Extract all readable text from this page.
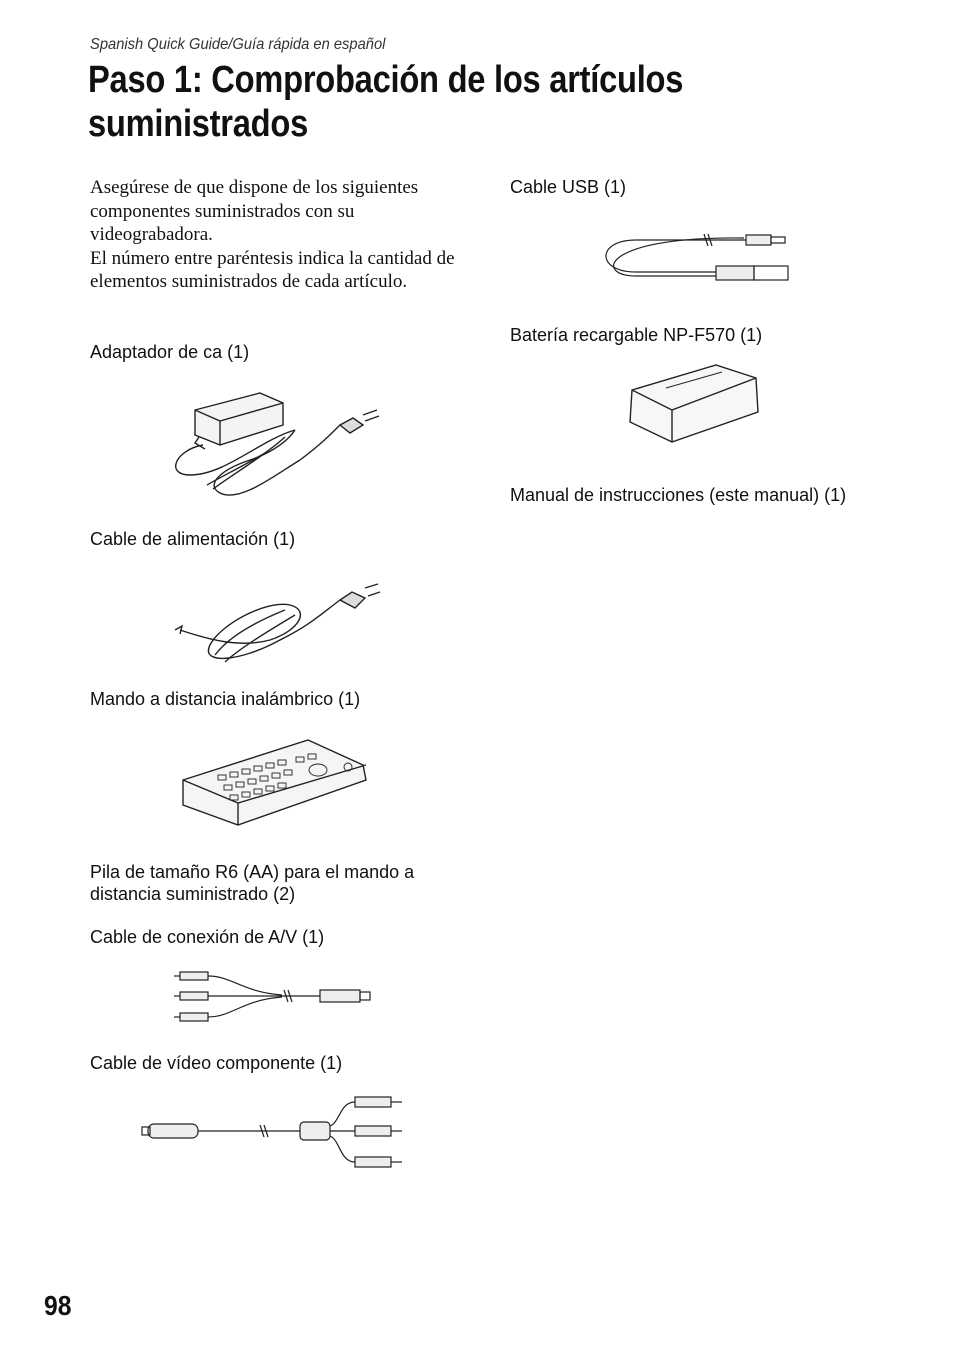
Spanish Quick Guide/Guía rápida en español
Paso 1: Comprobación de los artículos
suministrados

Asegúrese de que dispone de los siguientes componentes suministrados con su videograbadora.

El número entre paréntesis indica la cantidad de elementos suministrados de cada artículo.

Adaptador de ca (1)
Cable de alimentación (1)
Mando a distancia inalámbrico (1)
Pila de tamaño R6 (AA) para el mando a distancia suministrado (2)
Cable de conexión de A/V (1)
Cable de vídeo componente (1)
Cable USB (1)
Batería recargable NP-F570 (1)
Manual de instrucciones (este manual) (1)
98
